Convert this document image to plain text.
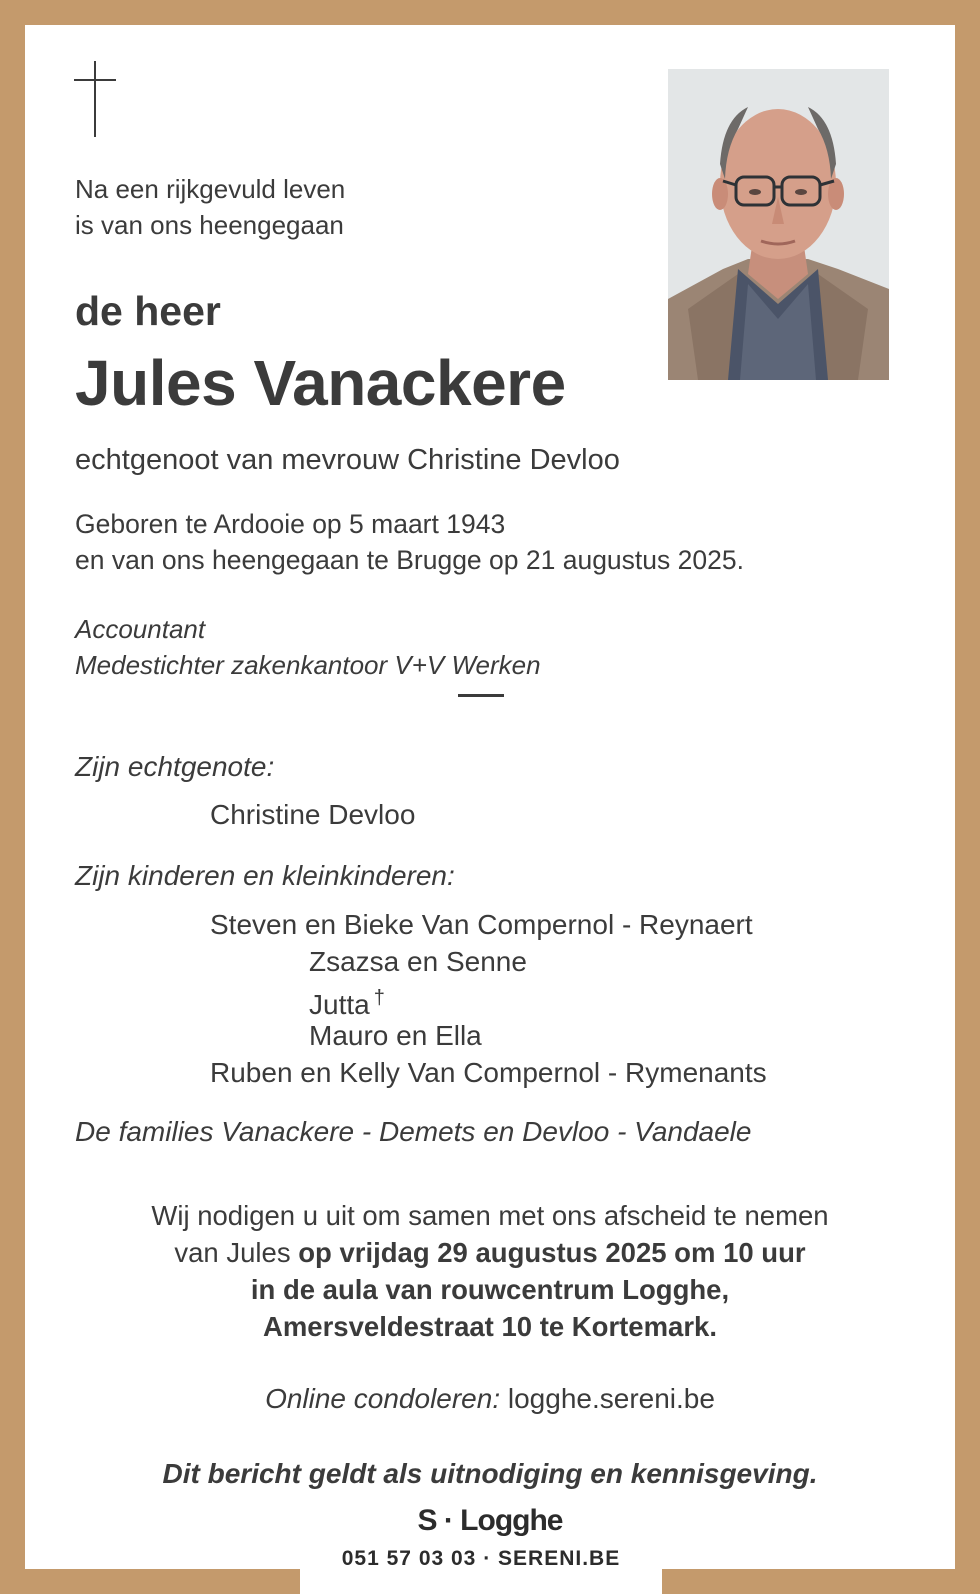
Na een rijkgevuld leven
is van ons heengegaan
de heer
Jules Vanackere
echtgenoot van mevrouw Christine Devloo
Geboren te Ardooie op 5 maart 1943
en van ons heengegaan te Brugge op 21 augustus 2025.
Accountant
Medestichter zakenkantoor V+V Werken
Zijn echtgenote:
Christine Devloo
Zijn kinderen en kleinkinderen:
Steven en Bieke Van Compernol - Reynaert
Zsazsa en Senne
Jutta †
Mauro en Ella
Ruben en Kelly Van Compernol - Rymenants
De families Vanackere - Demets en Devloo - Vandaele
Wij nodigen u uit om samen met ons afscheid te nemen
van Jules op vrijdag 29 augustus 2025 om 10 uur
in de aula van rouwcentrum Logghe,
Amersveldestraat 10 te Kortemark.
Online condoleren: logghe.sereni.be
Dit bericht geldt als uitnodiging en kennisgeving.
S · Logghe
051 57 03 03 · SERENI.BE
